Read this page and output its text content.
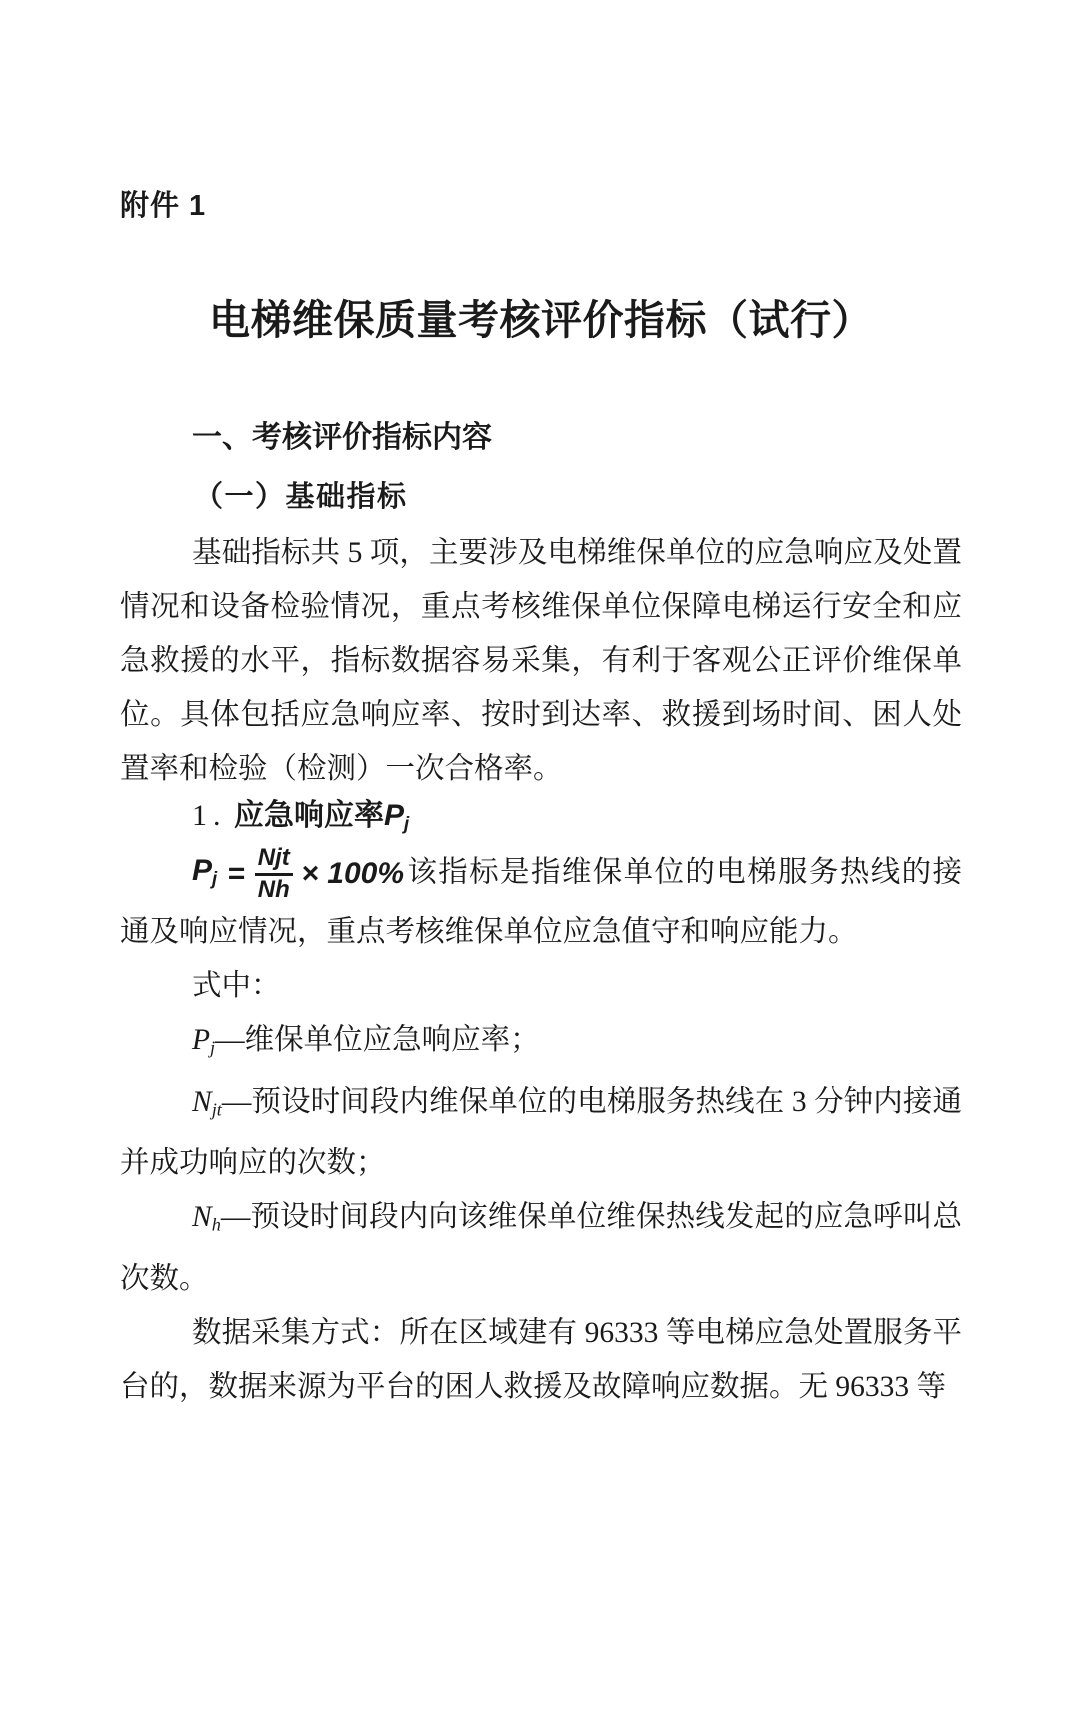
附件 1
电梯维保质量考核评价指标（试行）
一、考核评价指标内容
（一）基础指标

基础指标共 5 项，主要涉及电梯维保单位的应急响应及处置情况和设备检验情况，重点考核维保单位保障电梯运行安全和应急救援的水平，指标数据容易采集，有利于客观公正评价维保单位。具体包括应急响应率、按时到达率、救援到场时间、困人处置率和检验（检测）一次合格率。

1. 应急响应率$P_j$

$P_j = \frac{\text{Njt}}{Nh} \times 100\%$ 该指标是指维保单位的电梯服务热线的接通及响应情况，重点考核维保单位应急值守和响应能力。

式中：

$P_j—$维保单位应急响应率；

$N_{jt}—$预设时间段内维保单位的电梯服务热线在 3 分钟内接通并成功响应的次数；

$N_h—$预设时间段内向该维保单位维保热线发起的应急呼叫总次数。

数据采集方式：所在区域建有 96333 等电梯应急处置服务平台的，数据来源为平台的困人救援及故障响应数据。无 96333 等
